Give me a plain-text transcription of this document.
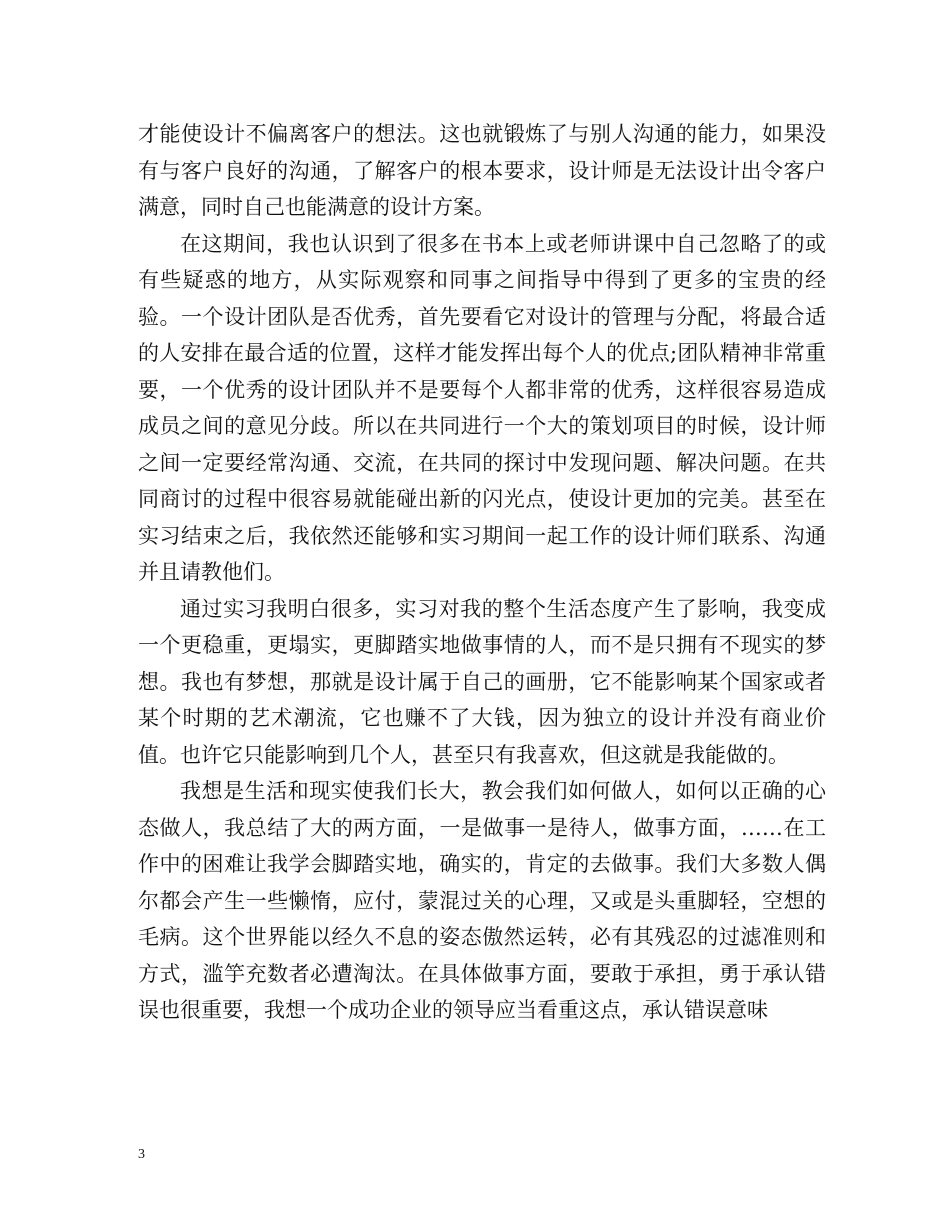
才能使设计不偏离客户的想法。这也就锻炼了与别人沟通的能力，如果没有与客户良好的沟通，了解客户的根本要求，设计师是无法设计出令客户满意，同时自己也能满意的设计方案。

在这期间，我也认识到了很多在书本上或老师讲课中自己忽略了的或有些疑惑的地方，从实际观察和同事之间指导中得到了更多的宝贵的经验。一个设计团队是否优秀，首先要看它对设计的管理与分配，将最合适的人安排在最合适的位置，这样才能发挥出每个人的优点;团队精神非常重要，一个优秀的设计团队并不是要每个人都非常的优秀，这样很容易造成成员之间的意见分歧。所以在共同进行一个大的策划项目的时候，设计师之间一定要经常沟通、交流，在共同的探讨中发现问题、解决问题。在共同商讨的过程中很容易就能碰出新的闪光点，使设计更加的完美。甚至在实习结束之后，我依然还能够和实习期间一起工作的设计师们联系、沟通并且请教他们。

通过实习我明白很多，实习对我的整个生活态度产生了影响，我变成一个更稳重，更塌实，更脚踏实地做事情的人，而不是只拥有不现实的梦想。我也有梦想，那就是设计属于自己的画册，它不能影响某个国家或者某个时期的艺术潮流，它也赚不了大钱，因为独立的设计并没有商业价值。也许它只能影响到几个人，甚至只有我喜欢，但这就是我能做的。

我想是生活和现实使我们长大，教会我们如何做人，如何以正确的心态做人，我总结了大的两方面，一是做事一是待人，做事方面，……在工作中的困难让我学会脚踏实地，确实的，肯定的去做事。我们大多数人偶尔都会产生一些懒惰，应付，蒙混过关的心理，又或是头重脚轻，空想的毛病。这个世界能以经久不息的姿态傲然运转，必有其残忍的过滤准则和方式，滥竽充数者必遭淘汰。在具体做事方面，要敢于承担，勇于承认错误也很重要，我想一个成功企业的领导应当看重这点，承认错误意味

3
